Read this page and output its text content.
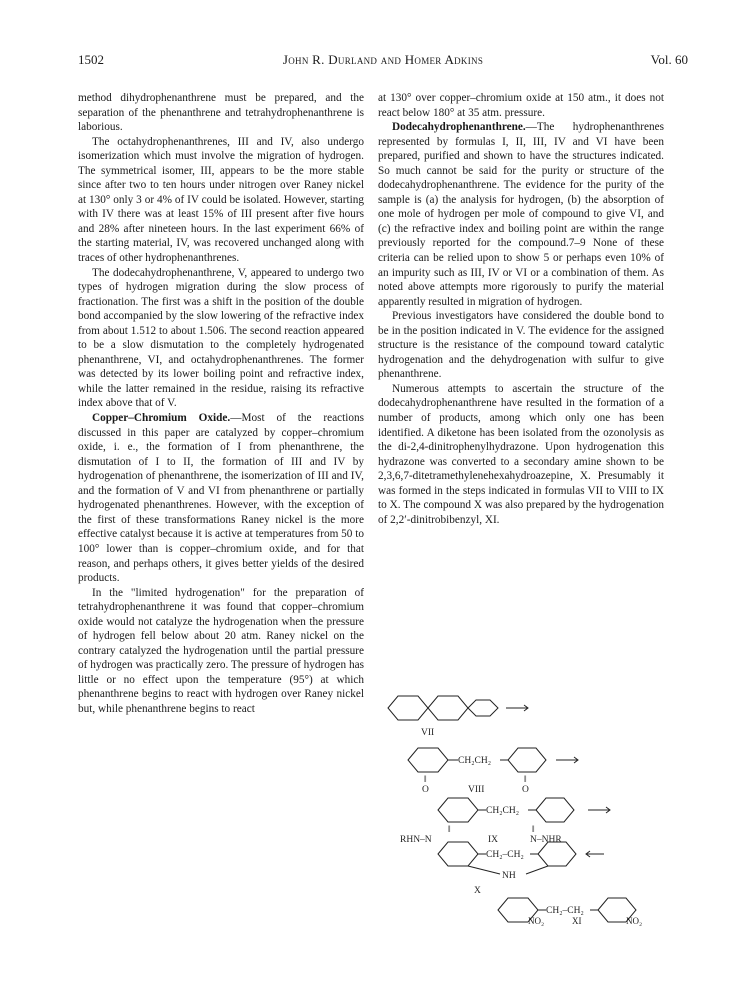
1502	John R. Durland and Homer Adkins	Vol. 60

method dihydrophenanthrene must be prepared, and the separation of the phenanthrene and tetrahydrophenanthrene is laborious.

The octahydrophenanthrenes, III and IV, also undergo isomerization which must involve the migration of hydrogen. The symmetrical isomer, III, appears to be the more stable since after two to ten hours under nitrogen over Raney nickel at 130° only 3 or 4% of IV could be isolated. However, starting with IV there was at least 15% of III present after five hours and 28% after nineteen hours. In the last experiment 66% of the starting material, IV, was recovered unchanged along with traces of other hydrophenanthrenes.

The dodecahydrophenanthrene, V, appeared to undergo two types of hydrogen migration during the slow process of fractionation. The first was a shift in the position of the double bond accompanied by the slow lowering of the refractive index from about 1.512 to about 1.506. The second reaction appeared to be a slow dismutation to the completely hydrogenated phenanthrene, VI, and octahydrophenanthrenes. The former was detected by its lower boiling point and refractive index, while the latter remained in the residue, raising its refractive index above that of V.

Copper–Chromium Oxide.—Most of the reactions discussed in this paper are catalyzed by copper–chromium oxide, i. e., the formation of I from phenanthrene, the dismutation of I to II, the formation of III and IV by hydrogenation of phenanthrene, the isomerization of III and IV, and the formation of V and VI from phenanthrene or partially hydrogenated phenanthrenes. However, with the exception of the first of these transformations Raney nickel is the more effective catalyst because it is active at temperatures from 50 to 100° lower than is copper–chromium oxide, and for that reason, and perhaps others, it gives better yields of the desired products.

In the "limited hydrogenation" for the preparation of tetrahydrophenanthrene it was found that copper–chromium oxide would not catalyze the hydrogenation when the pressure of hydrogen fell below about 20 atm. Raney nickel on the contrary catalyzed the hydrogenation until the partial pressure of hydrogen was practically zero. The pressure of hydrogen has little or no effect upon the temperature (95°) at which phenanthrene begins to react with hydrogen over Raney nickel but, while phenanthrene begins to react

at 130° over copper–chromium oxide at 150 atm., it does not react below 180° at 35 atm. pressure.

Dodecahydrophenanthrene.—The hydrophenanthrenes represented by formulas I, II, III, IV and VI have been prepared, purified and shown to have the structures indicated. So much cannot be said for the purity or structure of the dodecahydrophenanthrene. The evidence for the purity of the sample is (a) the analysis for hydrogen, (b) the absorption of one mole of hydrogen per mole of compound to give VI, and (c) the refractive index and boiling point are within the range previously reported for the compound.7–9 None of these criteria can be relied upon to show 5 or perhaps even 10% of an impurity such as III, IV or VI or a combination of them. As noted above attempts more rigorously to purify the material apparently resulted in migration of hydrogen.

Previous investigators have considered the double bond to be in the position indicated in V. The evidence for the assigned structure is the resistance of the compound toward catalytic hydrogenation and the dehydrogenation with sulfur to give phenanthrene.

Numerous attempts to ascertain the structure of the dodecahydrophenanthrene have resulted in the formation of a number of products, among which only one has been identified. A diketone has been isolated from the ozonolysis as the di-2,4-dinitrophenylhydrazone. Upon hydrogenation this hydrazone was converted to a secondary amine shown to be 2,3,6,7-ditetramethylenehexahydroazepine, X. Presumably it was formed in the steps indicated in formulas VII to VIII to IX to X. The compound X was also prepared by the hydrogenation of 2,2′-dinitrobibenzyl, XI.

VII
CH₂CH₂
‖
O	VIII
‖
O
CH₂CH₂
‖
RHN–N	IX
‖
N–NHR
CH₂–CH₂
NH
X
CH₂–CH₂
NO₂	XI	NO₂
